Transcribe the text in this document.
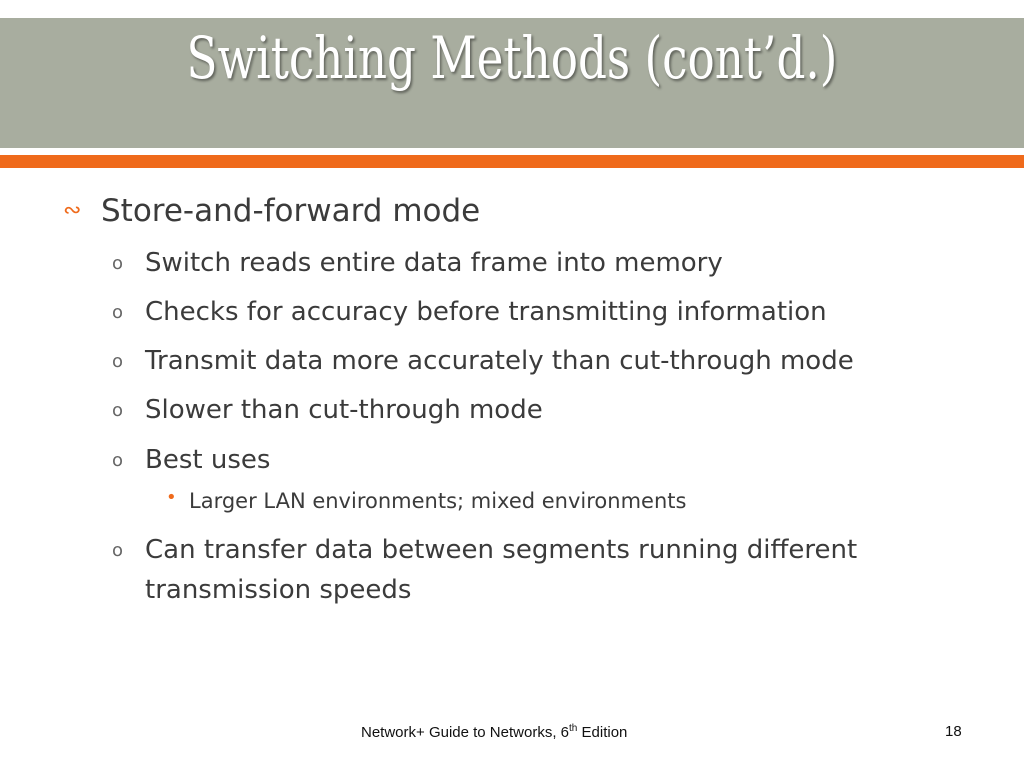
Switching Methods (cont’d.)
∾ Store-and-forward mode
o Switch reads entire data frame into memory
o Checks for accuracy before transmitting information
o Transmit data more accurately than cut-through mode
o Slower than cut-through mode
o Best uses
• Larger LAN environments; mixed environments
o Can transfer data between segments running different
transmission speeds
Network+ Guide to Networks, 6th Edition	18
